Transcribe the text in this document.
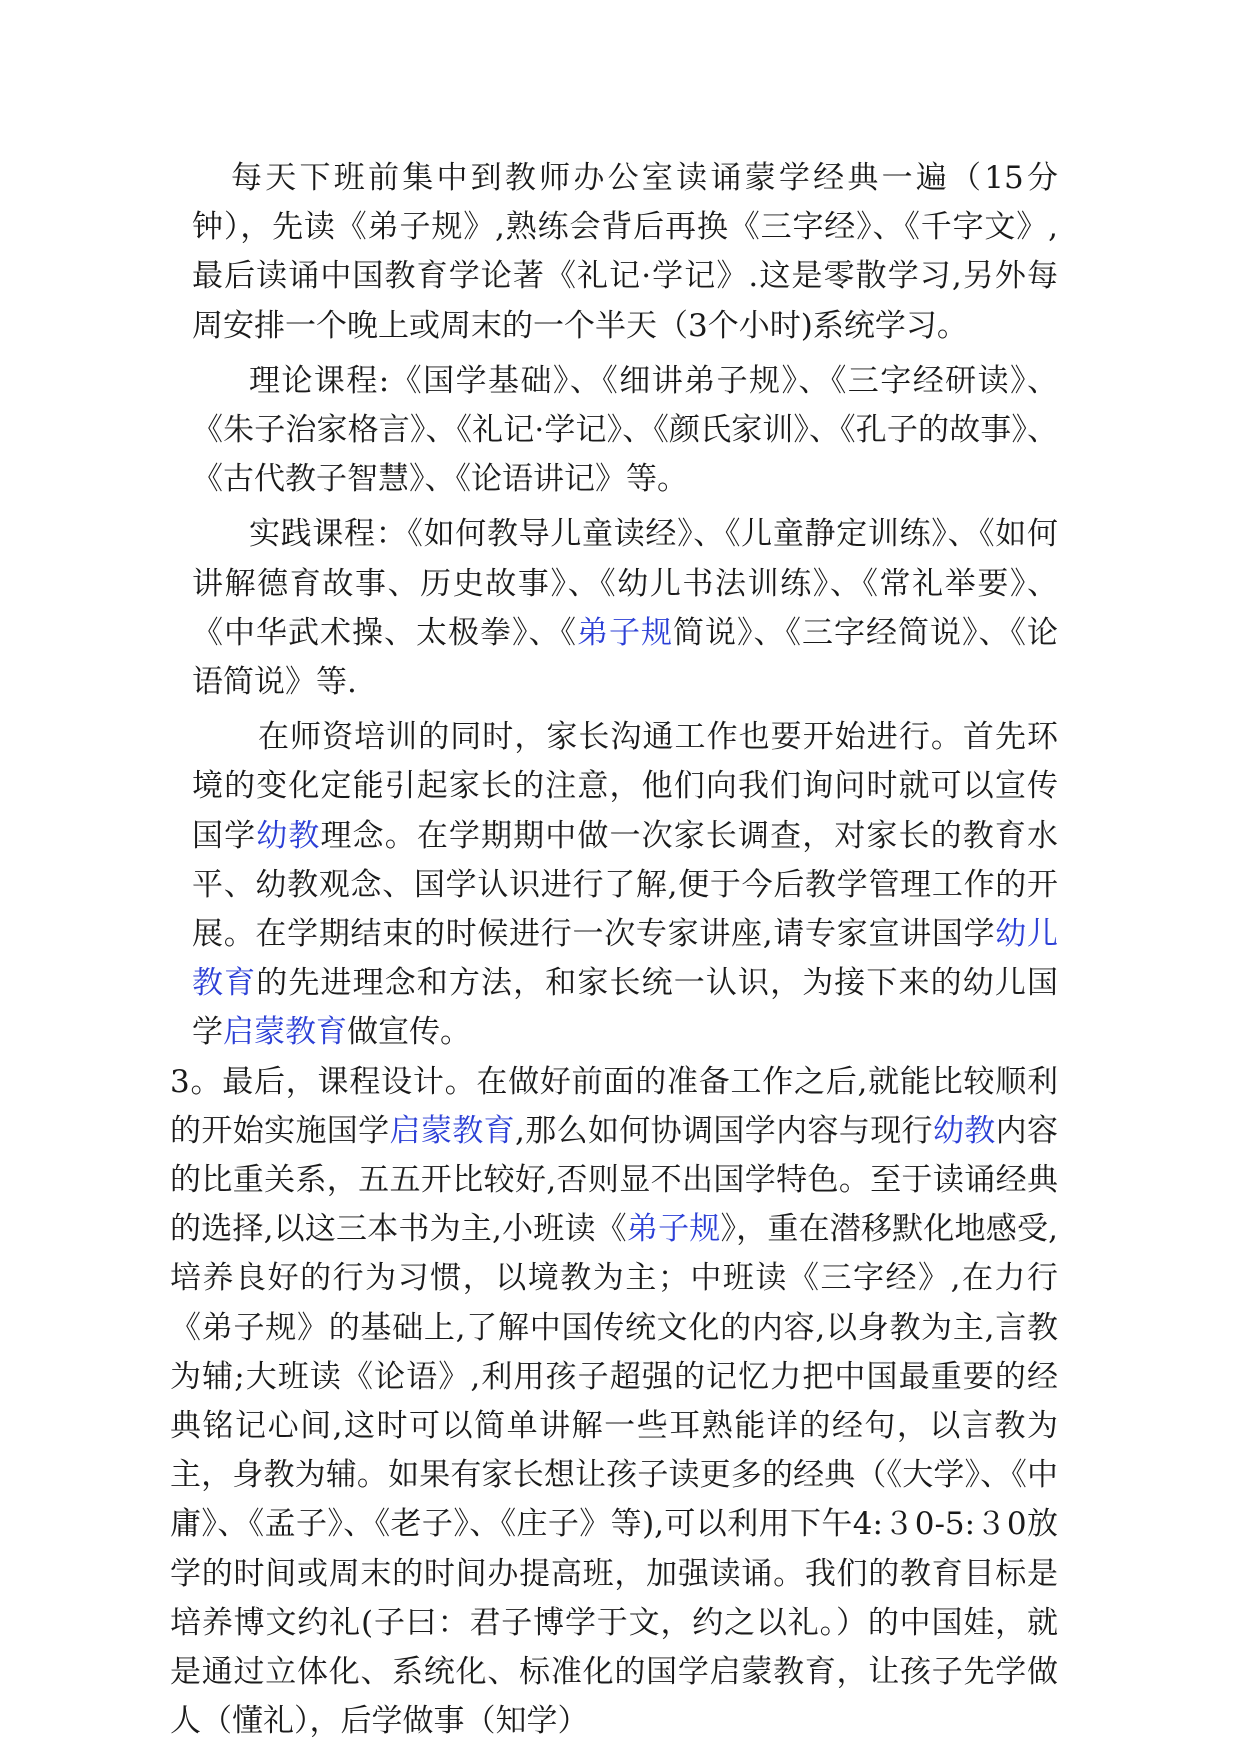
每天下班前集中到教师办公室读诵蒙学经典一遍（15分钟），先读《弟子规》,熟练会背后再换《三字经》、《千字文》,最后读诵中国教育学论著《礼记·学记》.这是零散学习,另外每周安排一个晚上或周末的一个半天（3个小时)系统学习。

理论课程:《国学基础》、《细讲弟子规》、《三字经研读》、《朱子治家格言》、《礼记·学记》、《颜氏家训》、《孔子的故事》、《古代教子智慧》、《论语讲记》等。

实践课程：《如何教导儿童读经》、《儿童静定训练》、《如何讲解德育故事、历史故事》、《幼儿书法训练》、《常礼举要》、《中华武术操、太极拳》、《弟子规简说》、《三字经简说》、《论语简说》等.

在师资培训的同时，家长沟通工作也要开始进行。首先环境的变化定能引起家长的注意，他们向我们询问时就可以宣传国学幼教理念。在学期期中做一次家长调查，对家长的教育水平、幼教观念、国学认识进行了解,便于今后教学管理工作的开展。在学期结束的时候进行一次专家讲座,请专家宣讲国学幼儿教育的先进理念和方法，和家长统一认识，为接下来的幼儿国学启蒙教育做宣传。

3。最后，课程设计。在做好前面的准备工作之后,就能比较顺利的开始实施国学启蒙教育,那么如何协调国学内容与现行幼教内容的比重关系，五五开比较好,否则显不出国学特色。至于读诵经典的选择,以这三本书为主,小班读《弟子规》，重在潜移默化地感受,培养良好的行为习惯，以境教为主；中班读《三字经》,在力行《弟子规》的基础上,了解中国传统文化的内容,以身教为主,言教为辅;大班读《论语》,利用孩子超强的记忆力把中国最重要的经典铭记心间,这时可以简单讲解一些耳熟能详的经句，以言教为主，身教为辅。如果有家长想让孩子读更多的经典（《大学》、《中庸》、《孟子》、《老子》、《庄子》等),可以利用下午4:３0-5:３0放学的时间或周末的时间办提高班，加强读诵。我们的教育目标是培养博文约礼(子曰：君子博学于文，约之以礼。）的中国娃，就是通过立体化、系统化、标准化的国学启蒙教育，让孩子先学做人（懂礼），后学做事（知学）
